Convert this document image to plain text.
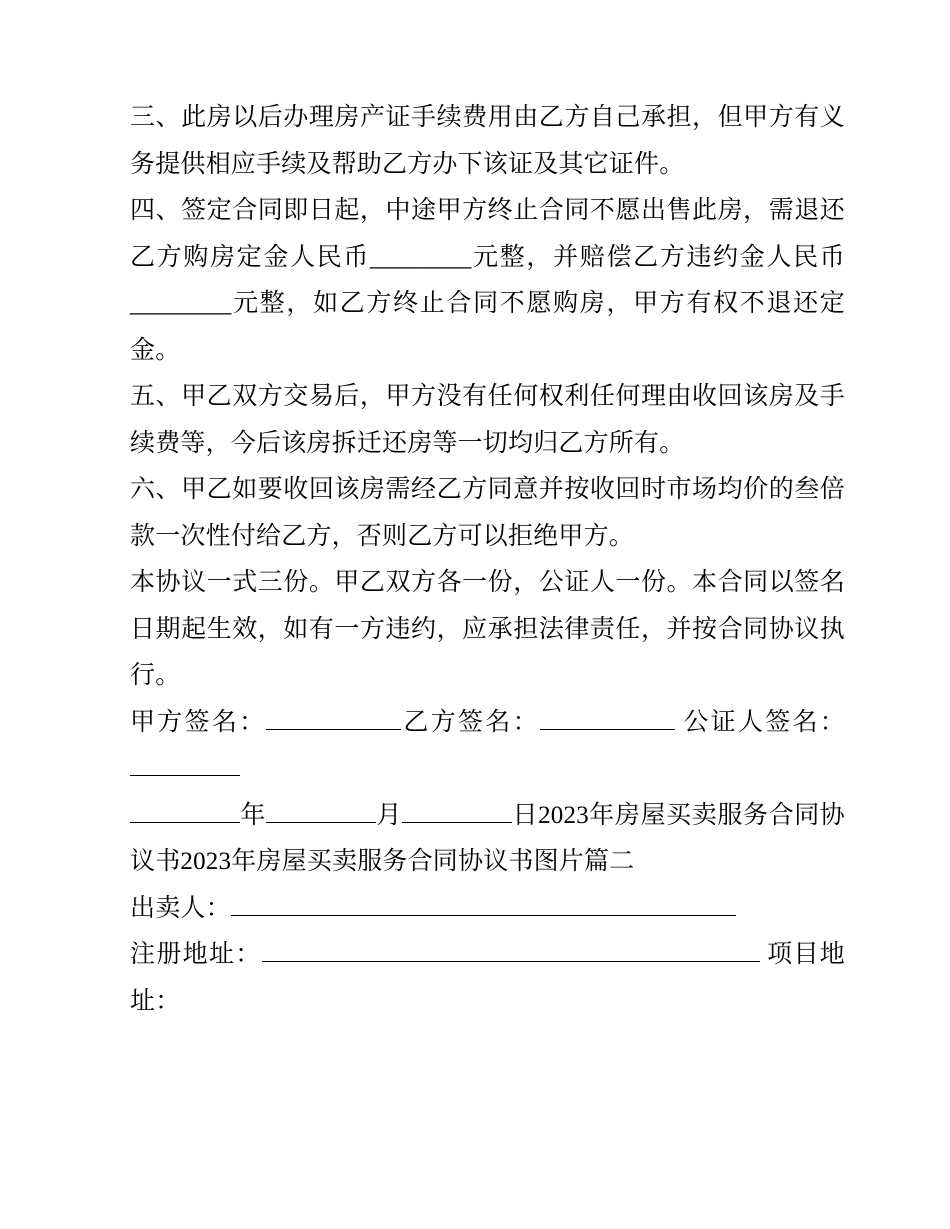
三、此房以后办理房产证手续费用由乙方自己承担，但甲方有义务提供相应手续及帮助乙方办下该证及其它证件。

四、签定合同即日起，中途甲方终止合同不愿出售此房，需退还乙方购房定金人民币________元整，并赔偿乙方违约金人民币________元整，如乙方终止合同不愿购房，甲方有权不退还定金。

五、甲乙双方交易后，甲方没有任何权利任何理由收回该房及手续费等，今后该房拆迁还房等一切均归乙方所有。

六、甲乙如要收回该房需经乙方同意并按收回时市场均价的叁倍款一次性付给乙方，否则乙方可以拒绝甲方。

本协议一式三份。甲乙双方各一份，公证人一份。本合同以签名日期起生效，如有一方违约，应承担法律责任，并按合同协议执行。

甲方签名：	乙方签名：	公证人签名：

年	月	日2023年房屋买卖服务合同协议书2023年房屋买卖服务合同协议书图片篇二

出卖人：

注册地址：	项目地址：
